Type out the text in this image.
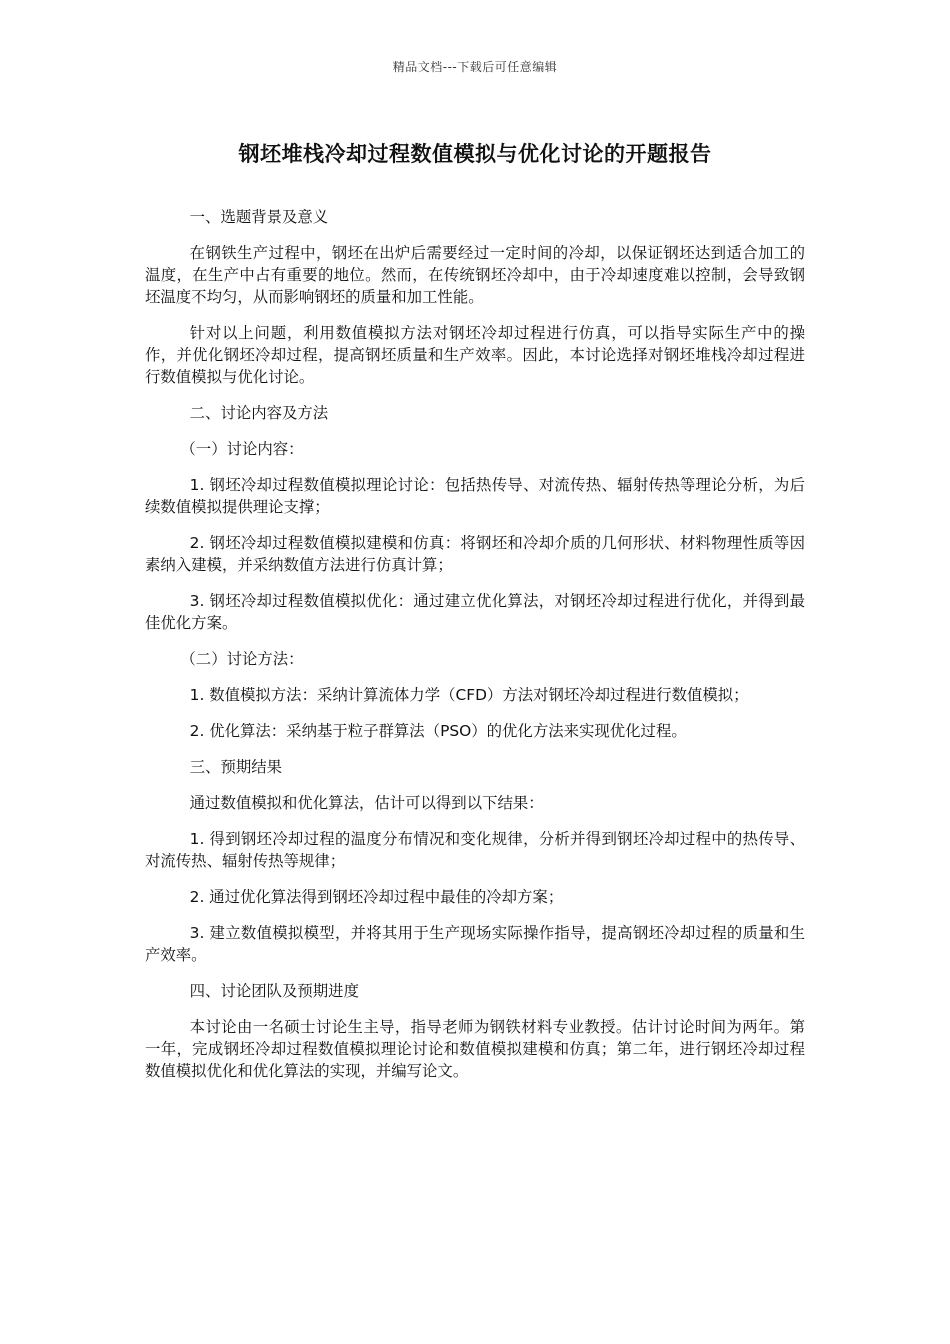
精品文档---下载后可任意编辑
钢坯堆栈冷却过程数值模拟与优化讨论的开题报告

一、选题背景及意义

在钢铁生产过程中，钢坯在出炉后需要经过一定时间的冷却，以保证钢坯达到适合加工的温度，在生产中占有重要的地位。然而，在传统钢坯冷却中，由于冷却速度难以控制，会导致钢坯温度不均匀，从而影响钢坯的质量和加工性能。

针对以上问题，利用数值模拟方法对钢坯冷却过程进行仿真，可以指导实际生产中的操作，并优化钢坯冷却过程，提高钢坯质量和生产效率。因此，本讨论选择对钢坯堆栈冷却过程进行数值模拟与优化讨论。

二、讨论内容及方法

（一）讨论内容：

1. 钢坯冷却过程数值模拟理论讨论：包括热传导、对流传热、辐射传热等理论分析，为后续数值模拟提供理论支撑；

2. 钢坯冷却过程数值模拟建模和仿真：将钢坯和冷却介质的几何形状、材料物理性质等因素纳入建模，并采纳数值方法进行仿真计算；

3. 钢坯冷却过程数值模拟优化：通过建立优化算法，对钢坯冷却过程进行优化，并得到最佳优化方案。

（二）讨论方法：

1. 数值模拟方法：采纳计算流体力学（CFD）方法对钢坯冷却过程进行数值模拟；

2. 优化算法：采纳基于粒子群算法（PSO）的优化方法来实现优化过程。

三、预期结果

通过数值模拟和优化算法，估计可以得到以下结果：

1. 得到钢坯冷却过程的温度分布情况和变化规律，分析并得到钢坯冷却过程中的热传导、对流传热、辐射传热等规律；

2. 通过优化算法得到钢坯冷却过程中最佳的冷却方案；

3. 建立数值模拟模型，并将其用于生产现场实际操作指导，提高钢坯冷却过程的质量和生产效率。

四、讨论团队及预期进度

本讨论由一名硕士讨论生主导，指导老师为钢铁材料专业教授。估计讨论时间为两年。第一年，完成钢坯冷却过程数值模拟理论讨论和数值模拟建模和仿真；第二年，进行钢坯冷却过程数值模拟优化和优化算法的实现，并编写论文。
